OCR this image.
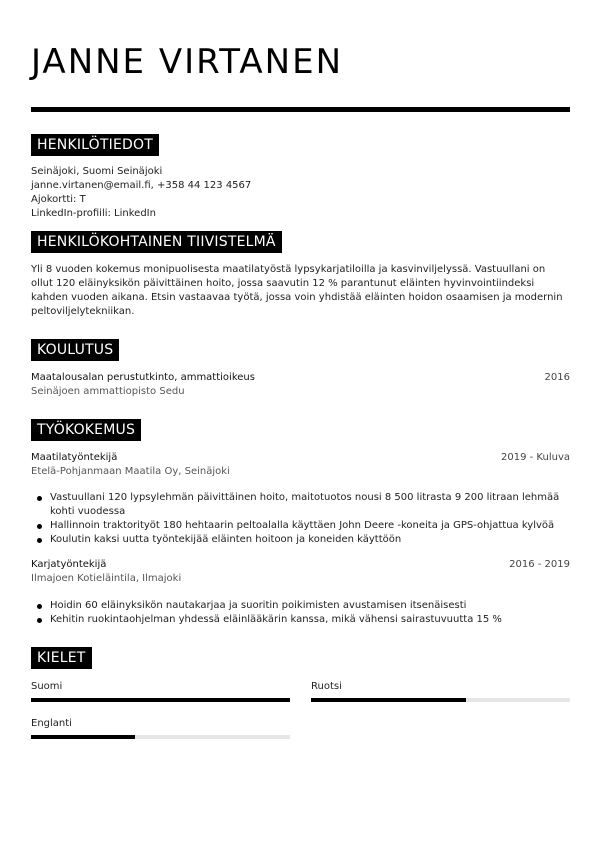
JANNE VIRTANEN
HENKILÖTIEDOT
Seinäjoki, Suomi Seinäjoki
janne.virtanen@email.fi, +358 44 123 4567
Ajokortti: T
LinkedIn-profiili: LinkedIn
HENKILÖKOHTAINEN TIIVISTELMÄ
Yli 8 vuoden kokemus monipuolisesta maatilatyöstä lypsykarjatiloilla ja kasvinviljelyssä. Vastuullani on ollut 120 eläinyksikön päivittäinen hoito, jossa saavutin 12 % parantunut eläinten hyvinvointiindeksi kahden vuoden aikana. Etsin vastaavaa työtä, jossa voin yhdistää eläinten hoidon osaamisen ja modernin peltoviljelytekniikan.
KOULUTUS
Maatalousalan perustutkinto, ammattioikeus	2016
Seinäjoen ammattiopisto Sedu
TYÖKOKEMUS
Maatilatyöntekijä	2019 - Kuluva
Etelä-Pohjanmaan Maatila Oy, Seinäjoki
Vastuullani 120 lypsylehmän päivittäinen hoito, maitotuotos nousi 8 500 litrasta 9 200 litraan lehmää kohti vuodessa
Hallinnoin traktorityöt 180 hehtaarin peltoalalla käyttäen John Deere -koneita ja GPS-ohjattua kylvöä
Koulutin kaksi uutta työntekijää eläinten hoitoon ja koneiden käyttöön
Karjatyöntekijä	2016 - 2019
Ilmajoen Kotieläintila, Ilmajoki
Hoidin 60 eläinyksikön nautakarjaa ja suoritin poikimisten avustamisen itsenäisesti
Kehitin ruokintaohjelman yhdessä eläinlääkärin kanssa, mikä vähensi sairastuvuutta 15 %
KIELET
Suomi	Ruotsi
Englanti
